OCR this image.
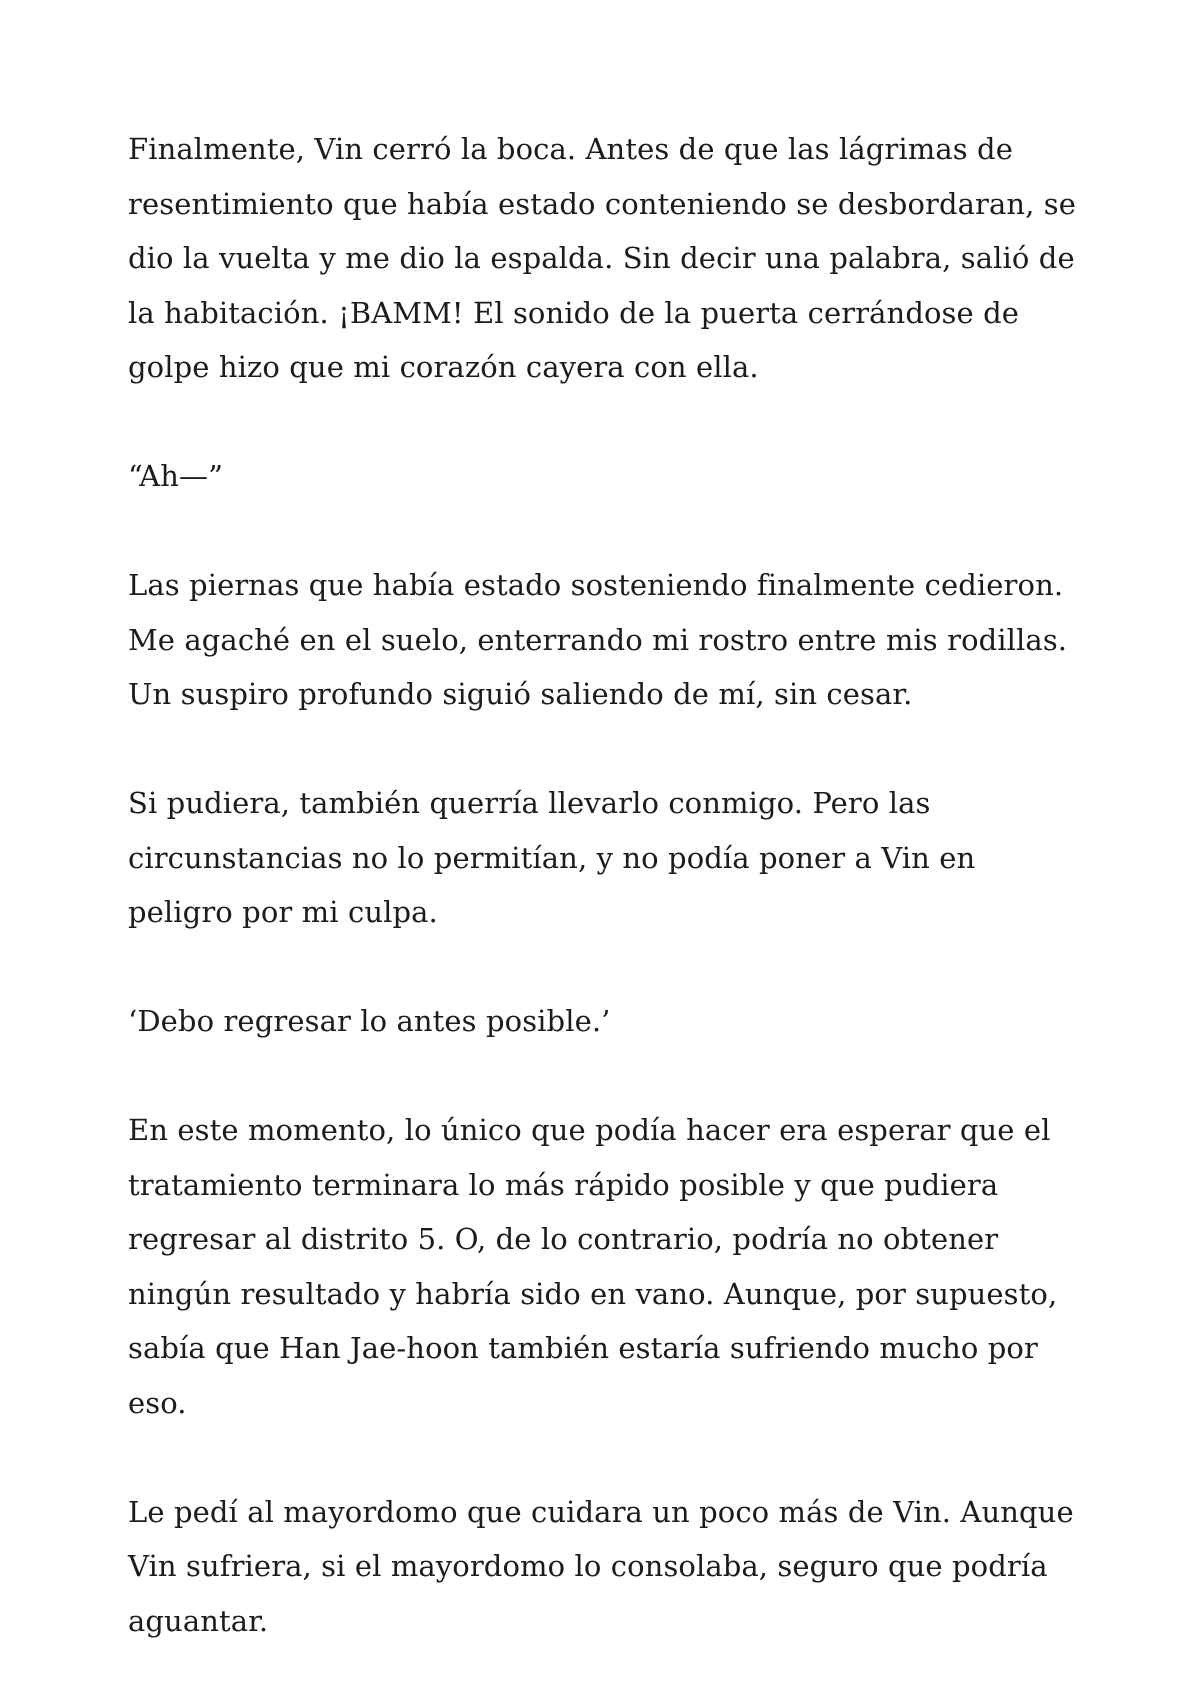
Finalmente, Vin cerró la boca. Antes de que las lágrimas de resentimiento que había estado conteniendo se desbordaran, se dio la vuelta y me dio la espalda. Sin decir una palabra, salió de la habitación. ¡BAMM! El sonido de la puerta cerrándose de golpe hizo que mi corazón cayera con ella.

“Ah—”

Las piernas que había estado sosteniendo finalmente cedieron. Me agaché en el suelo, enterrando mi rostro entre mis rodillas. Un suspiro profundo siguió saliendo de mí, sin cesar.

Si pudiera, también querría llevarlo conmigo. Pero las circunstancias no lo permitían, y no podía poner a Vin en peligro por mi culpa.

‘Debo regresar lo antes posible.’

En este momento, lo único que podía hacer era esperar que el tratamiento terminara lo más rápido posible y que pudiera regresar al distrito 5. O, de lo contrario, podría no obtener ningún resultado y habría sido en vano. Aunque, por supuesto, sabía que Han Jae-hoon también estaría sufriendo mucho por eso.

Le pedí al mayordomo que cuidara un poco más de Vin. Aunque Vin sufriera, si el mayordomo lo consolaba, seguro que podría aguantar.
